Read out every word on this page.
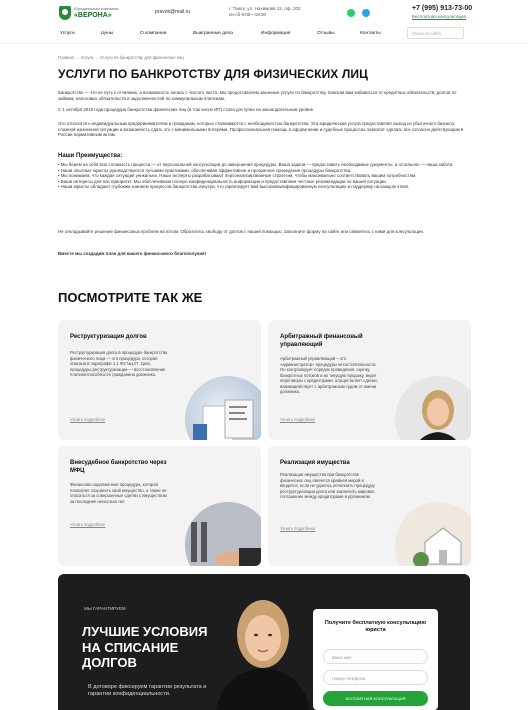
Юридическая компания
«ВЕРОНА»	pravok@mail.ru
г. Томск, ул. Нахимова 12, оф. 203
пн-сб 9:00—18:00
+7 (995) 913-73-00
Бесплатная консультация
Услуги	Цены	О компании	Выигранные дела	Информация	Отзывы	Контакты	Поиск по сайту
Главная → Услуги → Услуги по банкротству для физических лиц
УСЛУГИ ПО БАНКРОТСТВУ ДЛЯ ФИЗИЧЕСКИХ ЛИЦ
Банкротство — это не путь к отчаянию, а возможность начать с чистого листа. Мы предоставляем законные услуги по банкротству, помогая вам избавиться от кредитных обязательств, долгов по займам, налоговых обязательств и задолженностей по коммунальным платежам.
С 1 октября 2015 года процедура банкротства физических лиц (в том числе ИП) стала доступна на законодательном уровне.
Это относится к индивидуальным предпринимателям и гражданам, которые сталкиваются с необходимостью банкротства. Эта юридическая услуга предоставляет выход из убыточного бизнеса, сложной жизненной ситуации и возможность сдать это с минимальными потерями. Профессиональная помощь в оформлении и судебных процессах позволит сделать все согласно действующим в России нормативным актам.
Наши Преимущества:
• Мы берем на себя всю сложность процесса — от персональной консультации до завершения процедуры. Ваша задача — предоставить необходимые документы, а остальное — наша забота.
• Наши опытные юристы руководствуются лучшими практиками, обеспечивая эффективное и прозрачное проведение процедуры банкротства.
• Мы понимаем, что каждая ситуация уникальна. Наши эксперты разрабатывают персонализированные стратегии, чтобы максимально соответствовать вашим потребностям.
• Ваши интересы для нас приоритет. Мы обеспечиваем полную конфиденциальность информации и предоставляем честные рекомендации по вашей ситуации.
• Наши юристы обладают глубоким знанием процессов банкротства изнутри, что гарантирует вам высококвалифицированную консультацию и поддержку на каждом этапе.
Не откладывайте решение финансовых проблем на потом. Обратитесь свободу от долгов с нашей помощью. Заполните форму на сайте или свяжитесь с нами для консультации.
Вместе мы создадим план для вашего финансового благополучия!
ПОСМОТРИТЕ ТАК ЖЕ
Реструктуризация долгов
Реструктуризация долга в процедуре банкротства физического лица — это процедура, которая описана в параграфе 1.1 ФЗ №127. Цель процедуры реструктуризации — восстановление платежеспособности гражданина должника.
Узнать подробнее
Арбитражный финансовый управляющий
Арбитражный управляющий – это «администратор» процедуры несостоятельности. Он контролирует порядок проведения, оценку банкротных потоков и их текущую продажу, ведет переговоры с кредиторами, осуществляет сделки, взаимодействует с арбитражным судом от имени должника.
Узнать подробнее
Внесудебное банкротство через МФЦ
Финансово-задолженная процедура, которая позволяет сохранить свой имущество, а также не опасаться за совершенные сделки с имуществом за последние несколько лет.
Узнать подробнее
Реализация имущества
Реализация имущества при банкротстве физических лиц является крайней мерой и вводится, если не удалось исполнить процедуру реструктуризации долга или заключить мировое соглашение между кредиторами и должником.
Узнать подробнее
МЫ ГАРАНТИРУЕМ
ЛУЧШИЕ УСЛОВИЯ НА СПИСАНИЕ ДОЛГОВ
В договоре фиксируем гарантии результата и гарантии конфиденциальности.
Получите бесплатную консультацию юриста
Ваше имя
Номер телефона
БЕСПЛАТНАЯ КОНСУЛЬТАЦИЯ
